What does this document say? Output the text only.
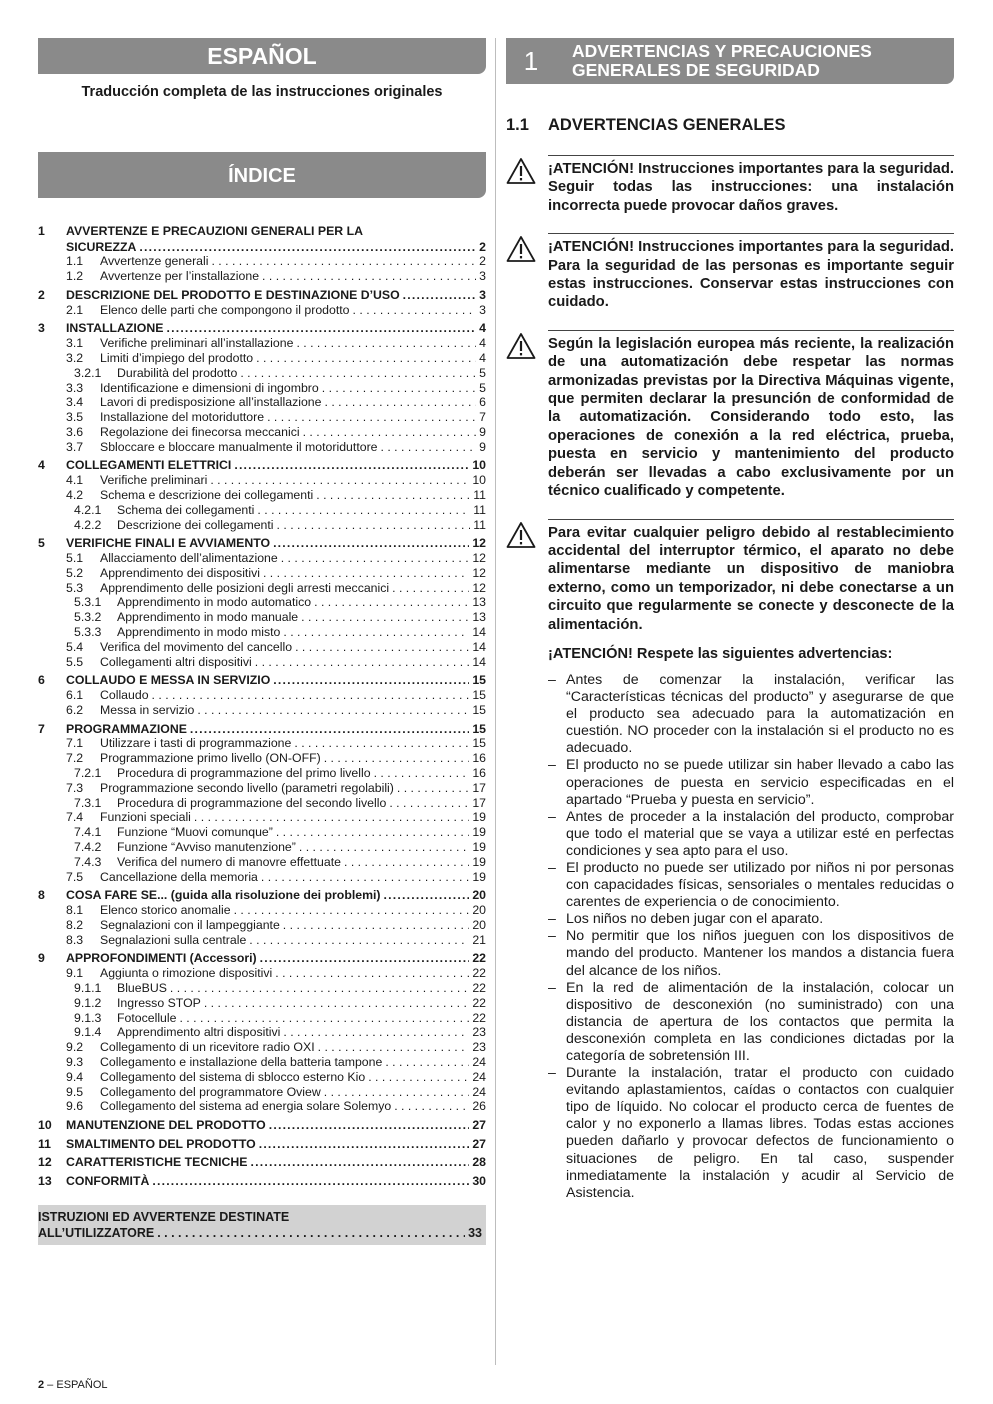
ESPAÑOL
Traducción completa de las instrucciones originales
ÍNDICE
1	AVVERTENZE E PRECAUZIONI GENERALI PER LA
SICUREZZA .....	2
1.1	Avvertenze generali . . .	2
1.2	Avvertenze per l’installazione . . .	3
2	DESCRIZIONE DEL PRODOTTO E DESTINAZIONE D’USO .....	3
2.1	Elenco delle parti che compongono il prodotto . . .	3
3	INSTALLAZIONE .....	4
3.1	Verifiche preliminari all’installazione . . .	4
3.2	Limiti d’impiego del prodotto . . .	4
3.2.1	Durabilità del prodotto . . .	5
3.3	Identificazione e dimensioni di ingombro . . .	5
3.4	Lavori di predisposizione all’installazione . . .	6
3.5	Installazione del motoriduttore . . .	7
3.6	Regolazione dei finecorsa meccanici . . .	9
3.7	Sbloccare e bloccare manualmente il motoriduttore . . .	9
4	COLLEGAMENTI ELETTRICI .....	10
4.1	Verifiche preliminari . . .	10
4.2	Schema e descrizione dei collegamenti . . .	11
4.2.1	Schema dei collegamenti . . .	11
4.2.2	Descrizione dei collegamenti . . .	11
5	VERIFICHE FINALI E AVVIAMENTO .....	12
5.1	Allacciamento dell’alimentazione . . .	12
5.2	Apprendimento dei dispositivi . . .	12
5.3	Apprendimento delle posizioni degli arresti meccanici . . .	12
5.3.1	Apprendimento in modo automatico . . .	13
5.3.2	Apprendimento in modo manuale . . .	13
5.3.3	Apprendimento in modo misto . . .	14
5.4	Verifica del movimento del cancello . . .	14
5.5	Collegamenti altri dispositivi . . .	14
6	COLLAUDO E MESSA IN SERVIZIO .....	15
6.1	Collaudo . . .	15
6.2	Messa in servizio . . .	15
7	PROGRAMMAZIONE .....	15
7.1	Utilizzare i tasti di programmazione . . .	15
7.2	Programmazione primo livello (ON-OFF) . . .	16
7.2.1	Procedura di programmazione del primo livello . . .	16
7.3	Programmazione secondo livello (parametri regolabili) . . .	17
7.3.1	Procedura di programmazione del secondo livello . . .	17
7.4	Funzioni speciali . . .	19
7.4.1	Funzione “Muovi comunque” . . .	19
7.4.2	Funzione “Avviso manutenzione” . . .	19
7.4.3	Verifica del numero di manovre effettuate . . .	19
7.5	Cancellazione della memoria . . .	19
8	COSA FARE SE... (guida alla risoluzione dei problemi) .....	20
8.1	Elenco storico anomalie . . .	20
8.2	Segnalazioni con il lampeggiante . . .	20
8.3	Segnalazioni sulla centrale . . .	21
9	APPROFONDIMENTI (Accessori) .....	22
9.1	Aggiunta o rimozione dispositivi . . .	22
9.1.1	BlueBUS . . .	22
9.1.2	Ingresso STOP . . .	22
9.1.3	Fotocellule . . .	22
9.1.4	Apprendimento altri dispositivi . . .	23
9.2	Collegamento di un ricevitore radio OXI . . .	23
9.3	Collegamento e installazione della batteria tampone . . .	24
9.4	Collegamento del sistema di sblocco esterno Kio . . .	24
9.5	Collegamento del programmatore Oview . . .	24
9.6	Collegamento del sistema ad energia solare Solemyo . . .	26
10	MANUTENZIONE DEL PRODOTTO .....	27
11	SMALTIMENTO DEL PRODOTTO .....	27
12	CARATTERISTICHE TECNICHE .....	28
13	CONFORMITÀ .....	30
ISTRUZIONI ED AVVERTENZE DESTINATE
ALL’UTILIZZATORE . . .	33
1	ADVERTENCIAS Y PRECAUCIONES
GENERALES DE SEGURIDAD
1.1	ADVERTENCIAS GENERALES
¡ATENCIÓN! Instrucciones importantes para la seguridad. Seguir todas las instrucciones: una instalación incorrecta puede provocar daños graves.
¡ATENCIÓN! Instrucciones importantes para la seguridad. Para la seguridad de las personas es importante seguir estas instrucciones. Conservar estas instrucciones con cuidado.
Según la legislación europea más reciente, la realización de una automatización debe respetar las normas armonizadas previstas por la Directiva Máquinas vigente, que permiten declarar la presunción de conformidad de la automatización. Considerando todo esto, las operaciones de conexión a la red eléctrica, prueba, puesta en servicio y mantenimiento del producto deberán ser llevadas a cabo exclusivamente por un técnico cualificado y competente.
Para evitar cualquier peligro debido al restablecimiento accidental del interruptor térmico, el aparato no debe alimentarse mediante un dispositivo de maniobra externo, como un temporizador, ni debe conectarse a un circuito que regularmente se conecte y desconecte de la alimentación.
¡ATENCIÓN! Respete las siguientes advertencias:
– Antes de comenzar la instalación, verificar las “Características técnicas del producto” y asegurarse de que el producto sea adecuado para la automatización en cuestión. NO proceder con la instalación si el producto no es adecuado.
– El producto no se puede utilizar sin haber llevado a cabo las operaciones de puesta en servicio especificadas en el apartado “Prueba y puesta en servicio”.
– Antes de proceder a la instalación del producto, comprobar que todo el material que se vaya a utilizar esté en perfectas condiciones y sea apto para el uso.
– El producto no puede ser utilizado por niños ni por personas con capacidades físicas, sensoriales o mentales reducidas o carentes de experiencia o de conocimiento.
– Los niños no deben jugar con el aparato.
– No permitir que los niños jueguen con los dispositivos de mando del producto. Mantener los mandos a distancia fuera del alcance de los niños.
– En la red de alimentación de la instalación, colocar un dispositivo de desconexión (no suministrado) con una distancia de apertura de los contactos que permita la desconexión completa en las condiciones dictadas por la categoría de sobretensión III.
– Durante la instalación, tratar el producto con cuidado evitando aplastamientos, caídas o contactos con cualquier tipo de líquido. No colocar el producto cerca de fuentes de calor y no exponerlo a llamas libres. Todas estas acciones pueden dañarlo y provocar defectos de funcionamiento o situaciones de peligro. En tal caso, suspender inmediatamente la instalación y acudir al Servicio de Asistencia.
2 – ESPAÑOL
